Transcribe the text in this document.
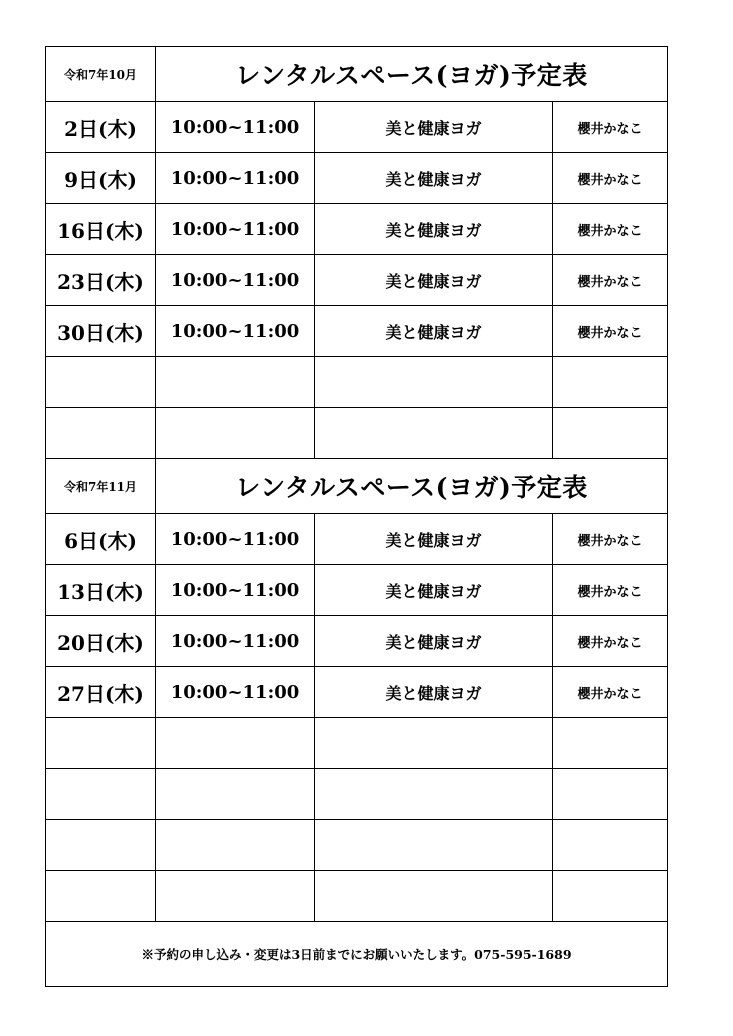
令和7年10月	レンタルスペース(ヨガ)予定表		
2日(木)	10:00~11:00	美と健康ヨガ	櫻井かなこ
9日(木)	10:00~11:00	美と健康ヨガ	櫻井かなこ
16日(木)	10:00~11:00	美と健康ヨガ	櫻井かなこ
23日(木)	10:00~11:00	美と健康ヨガ	櫻井かなこ
30日(木)	10:00~11:00	美と健康ヨガ	櫻井かなこ

令和7年11月	レンタルスペース(ヨガ)予定表		
6日(木)	10:00~11:00	美と健康ヨガ	櫻井かなこ
13日(木)	10:00~11:00	美と健康ヨガ	櫻井かなこ
20日(木)	10:00~11:00	美と健康ヨガ	櫻井かなこ
27日(木)	10:00~11:00	美と健康ヨガ	櫻井かなこ

※予約の申し込み・変更は3日前までにお願いいたします。075-595-1689			
